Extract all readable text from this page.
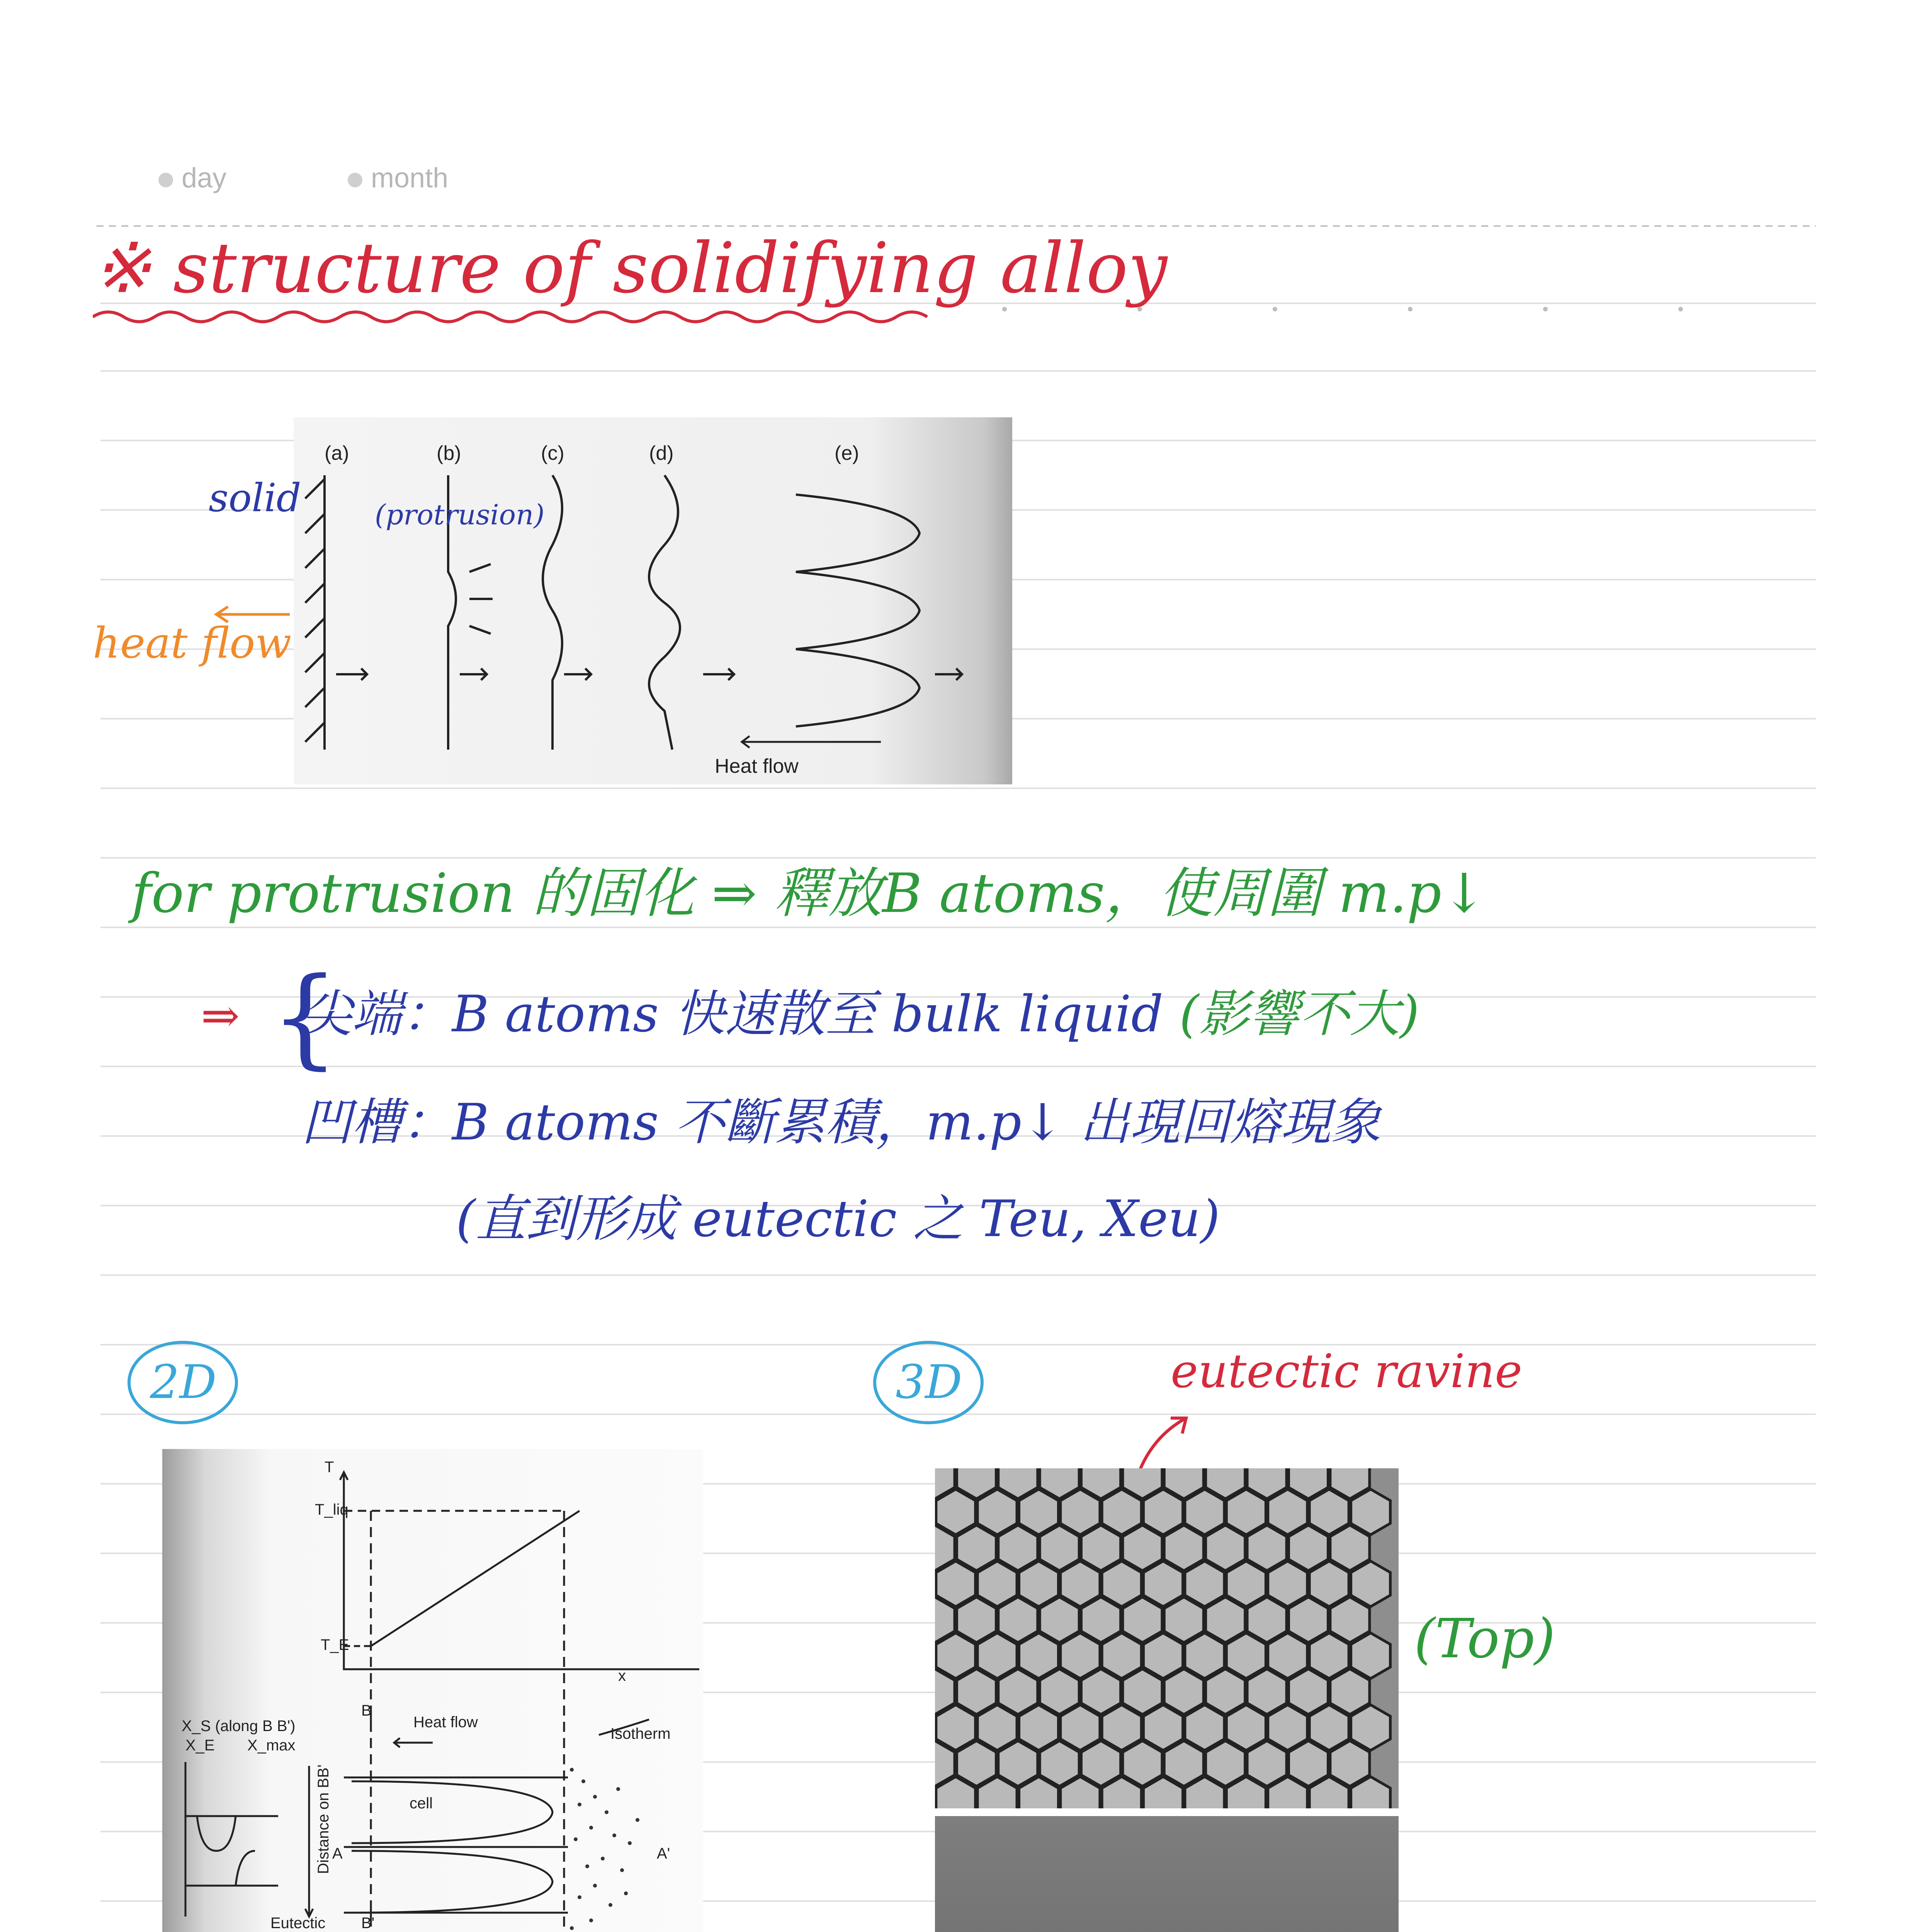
day	month
※ structure of solidifying alloy
(a)	(b)	(c)	(d)	(e)
Heat flow
solid	(protrusion)
heat flow
for protrusion 的固化 ⇒ 釋放B atoms，使周圍 m.p↓
⇒ {
尖端：B atoms 快速散至 bulk liquid (影響不大)
凹槽：B atoms 不斷累積，m.p↓ 出現回熔現象
(直到形成 eutectic 之 Teu, Xeu)
2D	3D	eutectic ravine
T
T_liq
T_E
x
X_S (along B B')
X_E X_max
Distance on BB'
B
B'
A	A'
Heat flow
Isotherm
cell
Eutectic
(Top)
